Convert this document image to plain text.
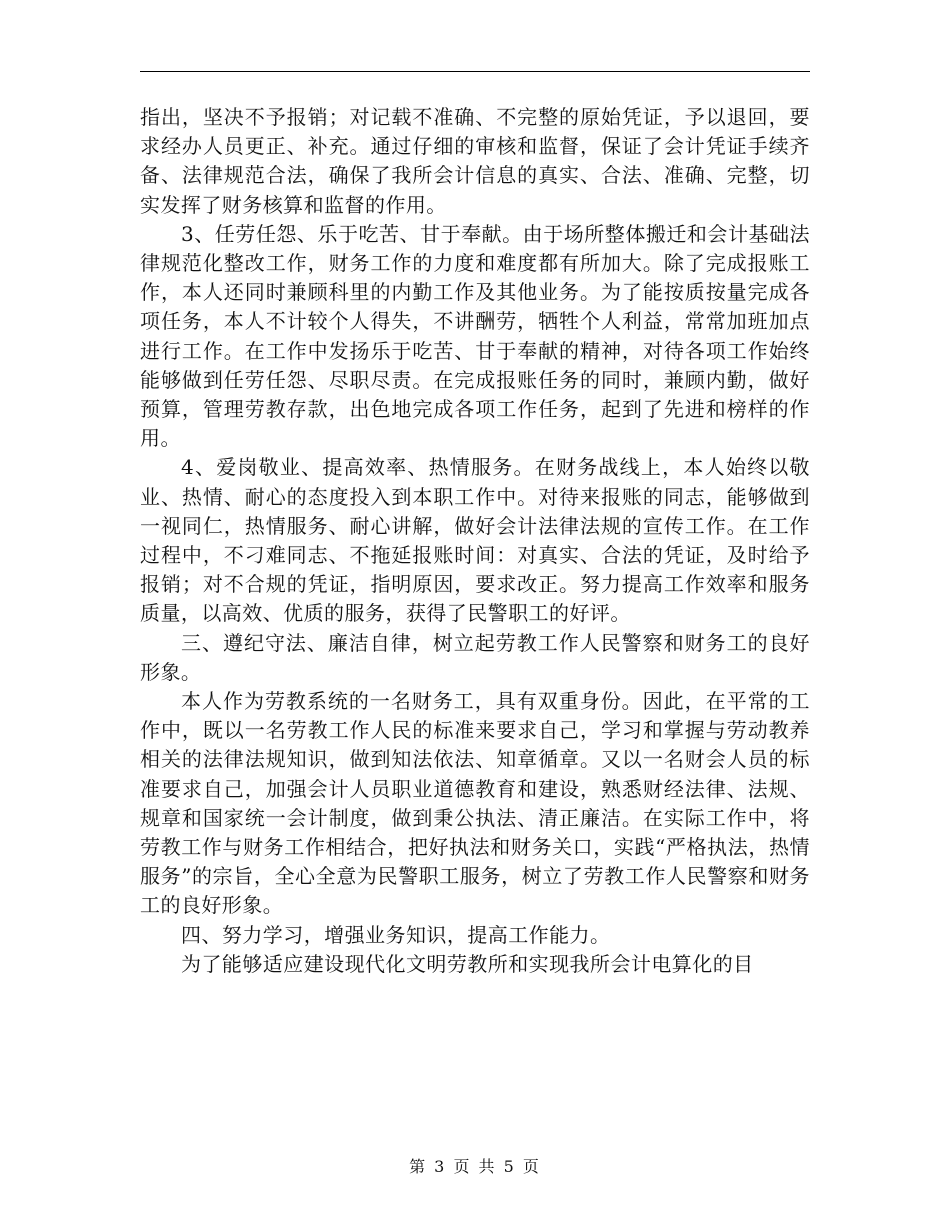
指出，坚决不予报销；对记载不准确、不完整的原始凭证，予以退回，要求经办人员更正、补充。通过仔细的审核和监督，保证了会计凭证手续齐备、法律规范合法，确保了我所会计信息的真实、合法、准确、完整，切实发挥了财务核算和监督的作用。

3、任劳任怨、乐于吃苦、甘于奉献。由于场所整体搬迁和会计基础法律规范化整改工作，财务工作的力度和难度都有所加大。除了完成报账工作，本人还同时兼顾科里的内勤工作及其他业务。为了能按质按量完成各项任务，本人不计较个人得失，不讲酬劳，牺牲个人利益，常常加班加点进行工作。在工作中发扬乐于吃苦、甘于奉献的精神，对待各项工作始终能够做到任劳任怨、尽职尽责。在完成报账任务的同时，兼顾内勤，做好预算，管理劳教存款，出色地完成各项工作任务，起到了先进和榜样的作用。

4、爱岗敬业、提高效率、热情服务。在财务战线上，本人始终以敬业、热情、耐心的态度投入到本职工作中。对待来报账的同志，能够做到一视同仁，热情服务、耐心讲解，做好会计法律法规的宣传工作。在工作过程中，不刁难同志、不拖延报账时间：对真实、合法的凭证，及时给予报销；对不合规的凭证，指明原因，要求改正。努力提高工作效率和服务质量，以高效、优质的服务，获得了民警职工的好评。

三、遵纪守法、廉洁自律，树立起劳教工作人民警察和财务工的良好形象。

本人作为劳教系统的一名财务工，具有双重身份。因此，在平常的工作中，既以一名劳教工作人民的标准来要求自己，学习和掌握与劳动教养相关的法律法规知识，做到知法依法、知章循章。又以一名财会人员的标准要求自己，加强会计人员职业道德教育和建设，熟悉财经法律、法规、规章和国家统一会计制度，做到秉公执法、清正廉洁。在实际工作中，将劳教工作与财务工作相结合，把好执法和财务关口，实践“严格执法，热情服务”的宗旨，全心全意为民警职工服务，树立了劳教工作人民警察和财务工的良好形象。

四、努力学习，增强业务知识，提高工作能力。

为了能够适应建设现代化文明劳教所和实现我所会计电算化的目

第 3 页 共 5 页
